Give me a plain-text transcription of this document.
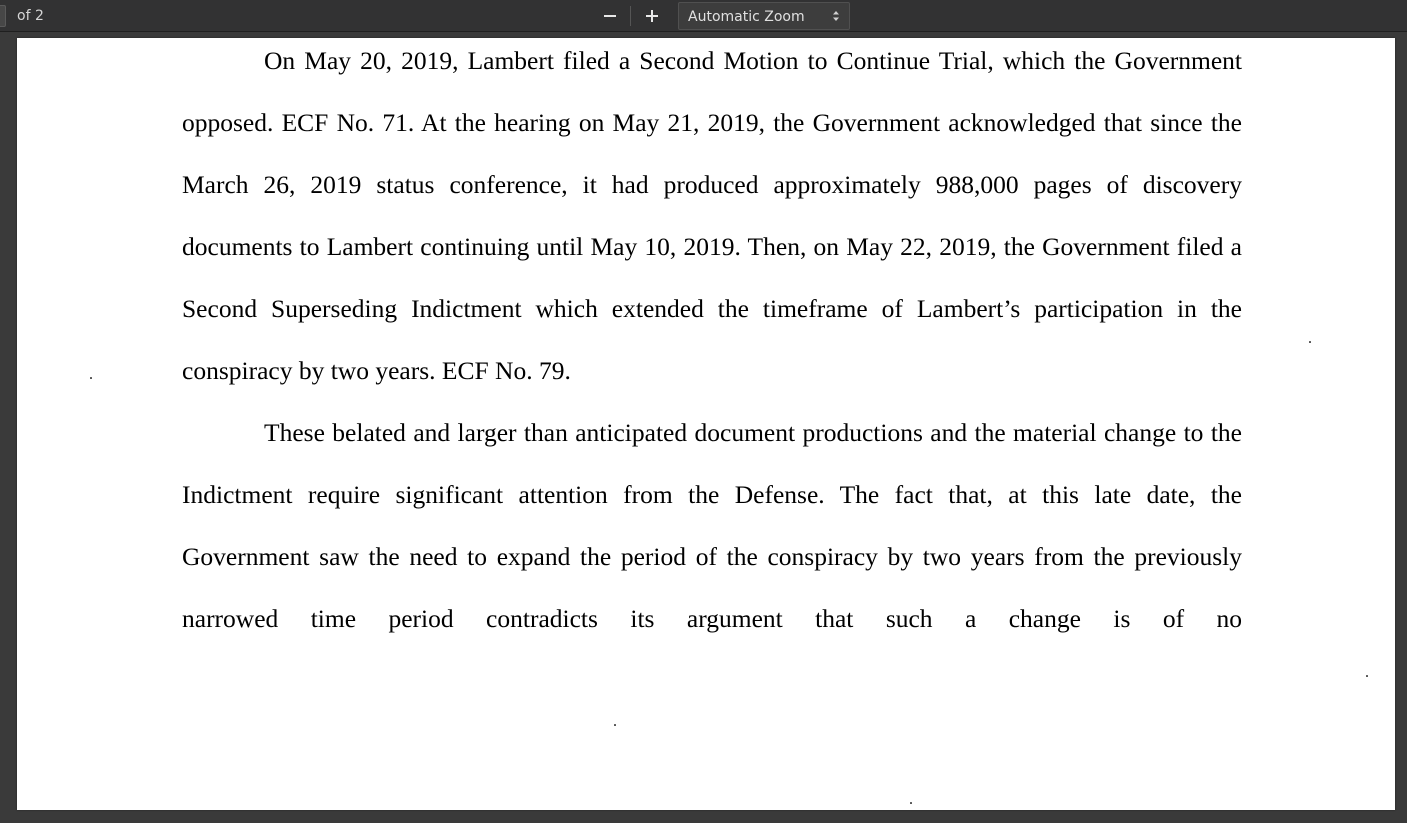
of 2	Automatic Zoom

On May 20, 2019, Lambert filed a Second Motion to Continue Trial, which the Government opposed. ECF No. 71. At the hearing on May 21, 2019, the Government acknowledged that since the March 26, 2019 status conference, it had produced approximately 988,000 pages of discovery documents to Lambert continuing until May 10, 2019. Then, on May 22, 2019, the Government filed a Second Superseding Indictment which extended the timeframe of Lambert’s participation in the conspiracy by two years. ECF No. 79.

These belated and larger than anticipated document productions and the material change to the Indictment require significant attention from the Defense. The fact that, at this late date, the Government saw the need to expand the period of the conspiracy by two years from the previously narrowed time period contradicts its argument that such a change is of no
